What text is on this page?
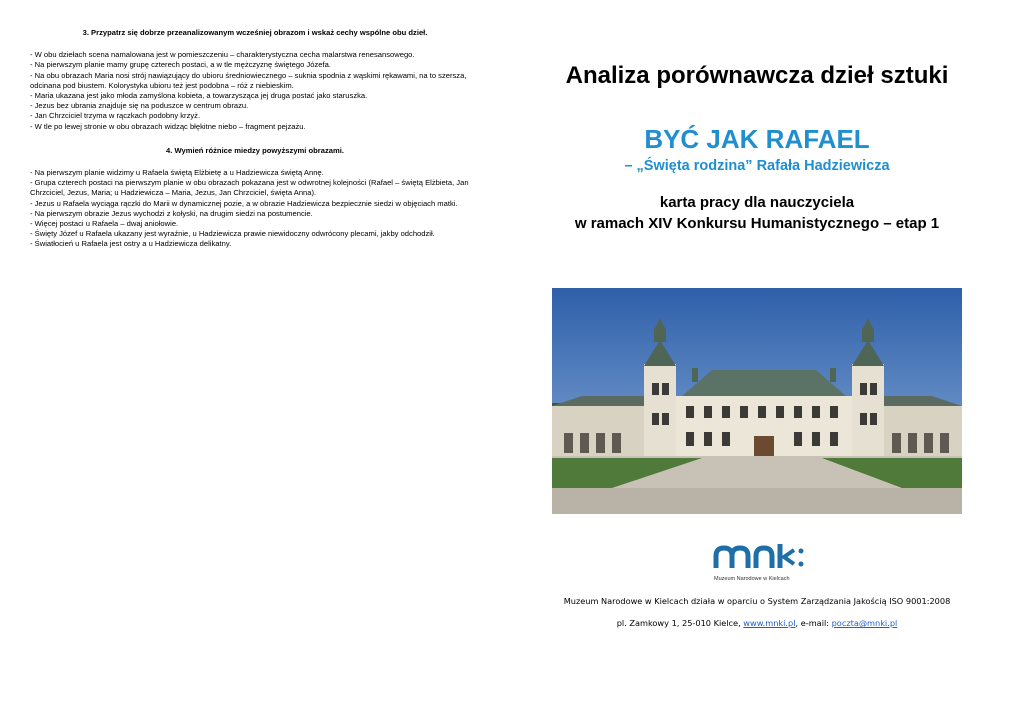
3. Przypatrz się dobrze przeanalizowanym wcześniej obrazom i wskaż cechy wspólne obu dzieł.

- W obu dziełach scena namalowana jest w pomieszczeniu – charakterystyczna cecha malarstwa renesansowego.

- Na pierwszym planie mamy grupę czterech postaci, a w tle mężczyznę świętego Józefa.

- Na obu obrazach Maria nosi strój nawiązujący do ubioru średniowiecznego – suknia spodnia z wąskimi rękawami, na to szersza,

odcinana pod biustem. Kolorystyka ubioru też jest podobna – róż z niebieskim.

- Maria ukazana jest jako młoda zamyślona kobieta, a towarzysząca jej druga postać jako staruszka.

- Jezus bez ubrania znajduje się na poduszce w centrum obrazu.

- Jan Chrzciciel trzyma w rączkach podobny krzyż.

- W tle po lewej stronie w obu obrazach widząc błękitne niebo – fragment pejzażu.

4. Wymień różnice miedzy powyższymi obrazami.

- Na pierwszym planie widzimy u Rafaela świętą Elżbietę a u Hadziewicza świętą Annę.

- Grupa czterech postaci na pierwszym planie w obu obrazach pokazana jest w odwrotnej kolejności (Rafael – świętą Elżbieta, Jan

Chrzciciel, Jezus, Maria; u Hadziewicza – Maria, Jezus, Jan Chrzciciel, święta Anna).

- Jezus u Rafaela wyciąga rączki do Marii w dynamicznej pozie, a w obrazie Hadziewicza bezpiecznie siedzi w objęciach matki.

- Na pierwszym obrazie Jezus wychodzi z kołyski, na drugim siedzi na postumencie.

- Więcej postaci u Rafaela – dwaj aniołowie.

- Święty Józef u Rafaela ukazany jest wyraźnie, u Hadziewicza prawie niewidoczny odwrócony plecami, jakby odchodził.

- Światłocień u Rafaela jest ostry a u Hadziewicza delikatny.

Analiza porównawcza dzieł sztuki
BYĆ JAK RAFAEL
– „Święta rodzina” Rafała Hadziewicza
karta pracy dla nauczyciela
w ramach XIV Konkursu Humanistycznego – etap 1
Muzeum Narodowe w Kielcach
Muzeum Narodowe w Kielcach działa w oparciu o System Zarządzania Jakością ISO 9001:2008
pl. Zamkowy 1, 25-010 Kielce, www.mnki.pl, e-mail: poczta@mnki.pl
